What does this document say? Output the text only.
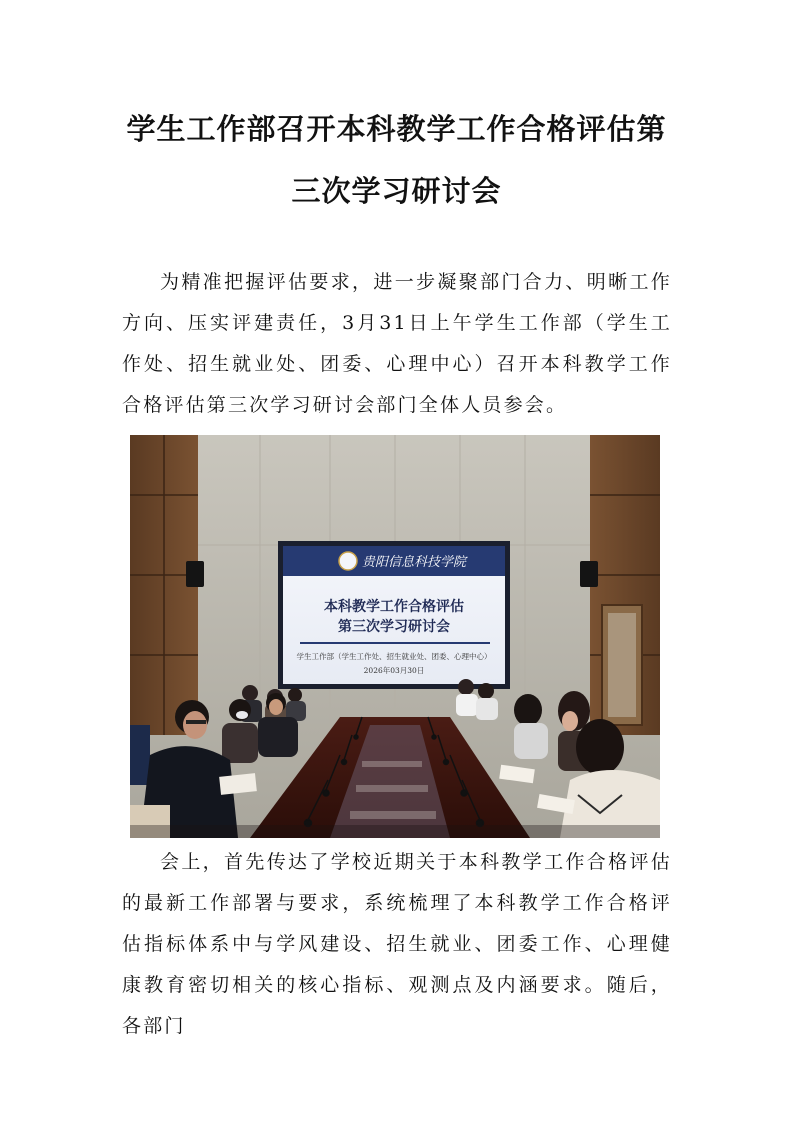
学生工作部召开本科教学工作合格评估第
三次学习研讨会

为精准把握评估要求，进一步凝聚部门合力、明晰工作方向、压实评建责任，3月31日上午学生工作部（学生工作处、招生就业处、团委、心理中心）召开本科教学工作合格评估第三次学习研讨会部门全体人员参会。

贵阳信息科技学院
本科教学工作合格评估
第三次学习研讨会
学生工作部（学生工作处、招生就业处、团委、心理中心）
2026年03月30日

会上，首先传达了学校近期关于本科教学工作合格评估的最新工作部署与要求，系统梳理了本科教学工作合格评估指标体系中与学风建设、招生就业、团委工作、心理健康教育密切相关的核心指标、观测点及内涵要求。随后，各部门
